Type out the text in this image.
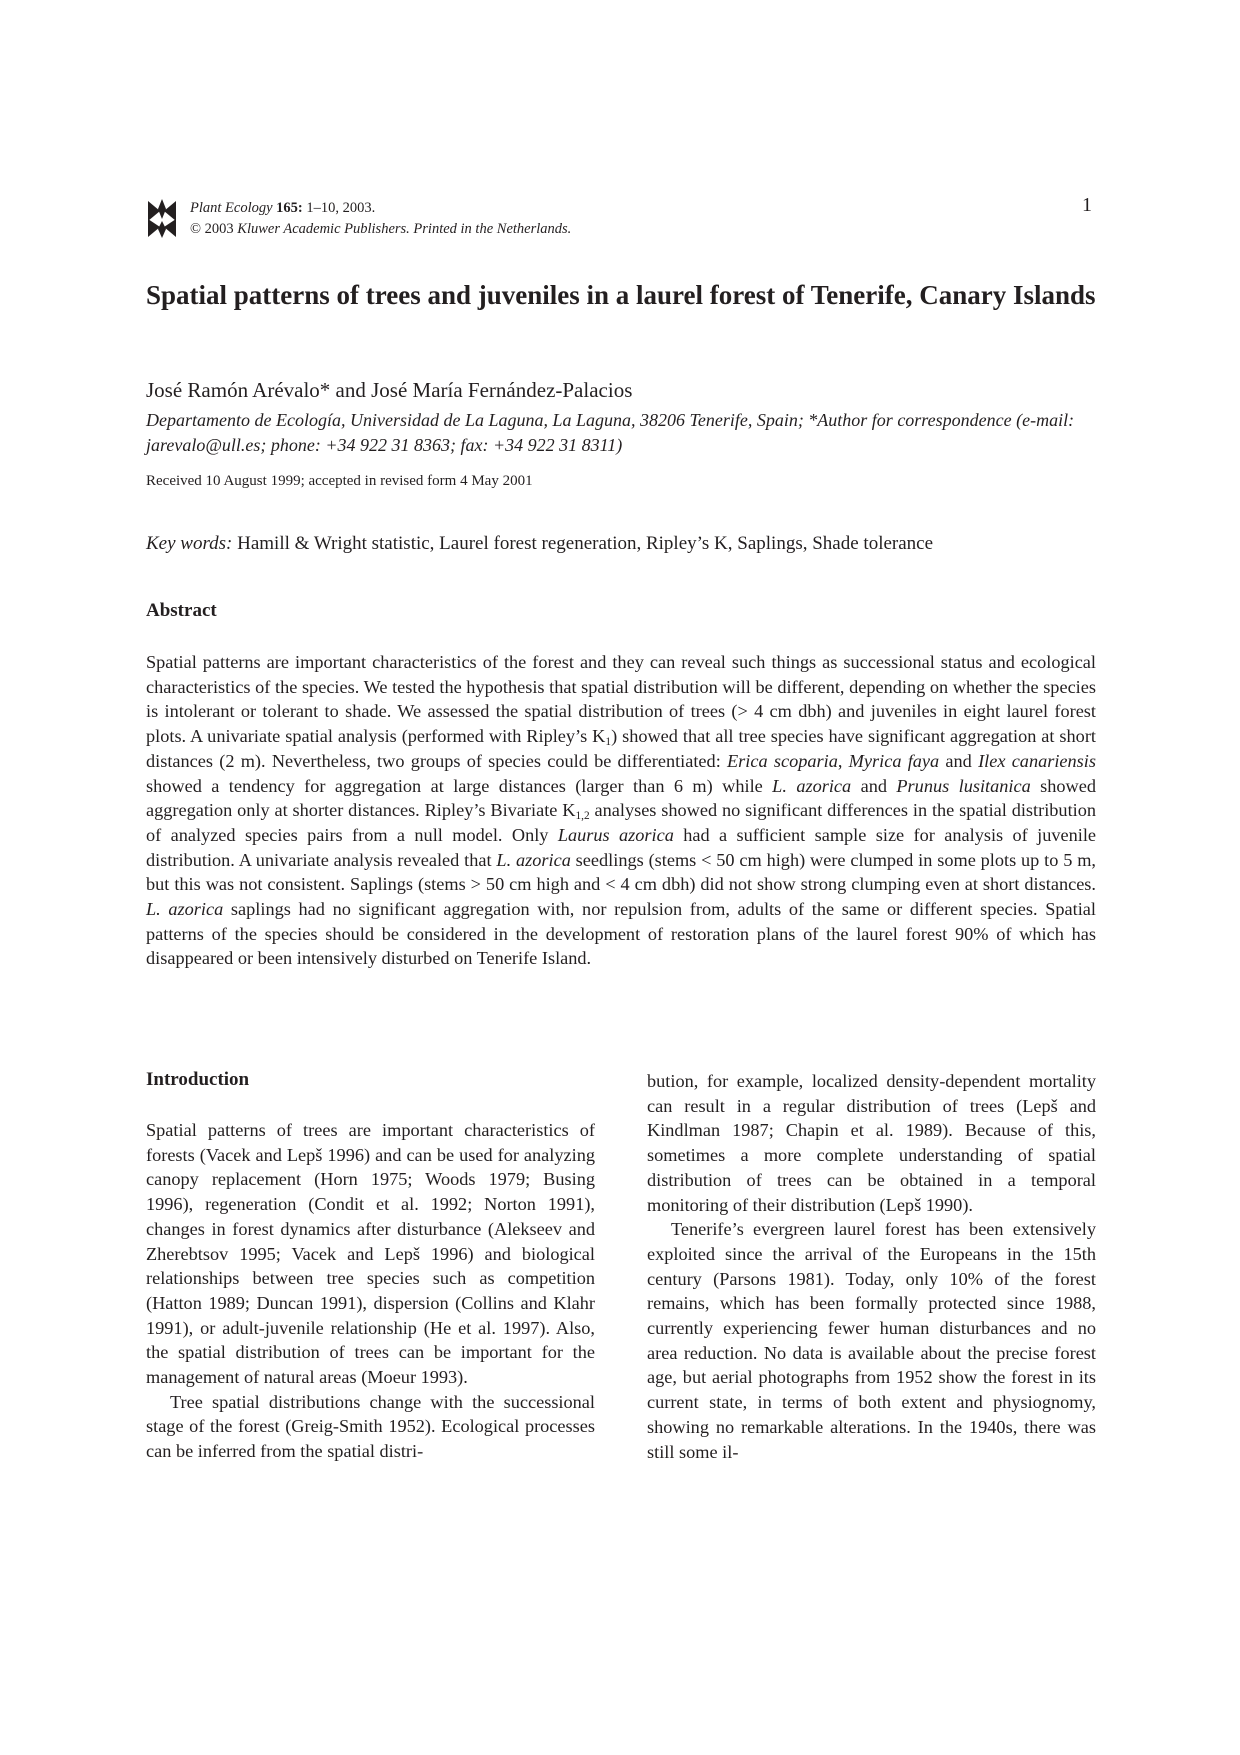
Plant Ecology 165: 1–10, 2003.
© 2003 Kluwer Academic Publishers. Printed in the Netherlands.
1
Spatial patterns of trees and juveniles in a laurel forest of Tenerife, Canary Islands
José Ramón Arévalo* and José María Fernández-Palacios
Departamento de Ecología, Universidad de La Laguna, La Laguna, 38206 Tenerife, Spain; *Author for correspondence (e-mail: jarevalo@ull.es; phone: +34 922 31 8363; fax: +34 922 31 8311)
Received 10 August 1999; accepted in revised form 4 May 2001
Key words: Hamill & Wright statistic, Laurel forest regeneration, Ripley’s K, Saplings, Shade tolerance
Abstract

Spatial patterns are important characteristics of the forest and they can reveal such things as successional status and ecological characteristics of the species. We tested the hypothesis that spatial distribution will be different, depending on whether the species is intolerant or tolerant to shade. We assessed the spatial distribution of trees (> 4 cm dbh) and juveniles in eight laurel forest plots. A univariate spatial analysis (performed with Ripley’s $K_1$) showed that all tree species have significant aggregation at short distances (2 m). Nevertheless, two groups of species could be differentiated: Erica scoparia, Myrica faya and Ilex canariensis showed a tendency for aggregation at large distances (larger than 6 m) while L. azorica and Prunus lusitanica showed aggregation only at shorter distances. Ripley’s Bivariate $K_{1,2}$ analyses showed no significant differences in the spatial distribution of analyzed species pairs from a null model. Only Laurus azorica had a sufficient sample size for analysis of juvenile distribution. A univariate analysis revealed that L. azorica seedlings (stems < 50 cm high) were clumped in some plots up to 5 m, but this was not consistent. Saplings (stems > 50 cm high and < 4 cm dbh) did not show strong clumping even at short distances. L. azorica saplings had no significant aggregation with, nor repulsion from, adults of the same or different species. Spatial patterns of the species should be considered in the development of restoration plans of the laurel forest 90% of which has disappeared or been intensively disturbed on Tenerife Island.

Introduction

Spatial patterns of trees are important characteristics of forests (Vacek and Lepš 1996) and can be used for analyzing canopy replacement (Horn 1975; Woods 1979; Busing 1996), regeneration (Condit et al. 1992; Norton 1991), changes in forest dynamics after disturbance (Alekseev and Zherebtsov 1995; Vacek and Lepš 1996) and biological relationships between tree species such as competition (Hatton 1989; Duncan 1991), dispersion (Collins and Klahr 1991), or adult-juvenile relationship (He et al. 1997). Also, the spatial distribution of trees can be important for the management of natural areas (Moeur 1993).

Tree spatial distributions change with the successional stage of the forest (Greig-Smith 1952). Ecological processes can be inferred from the spatial distri-

bution, for example, localized density-dependent mortality can result in a regular distribution of trees (Lepš and Kindlman 1987; Chapin et al. 1989). Because of this, sometimes a more complete understanding of spatial distribution of trees can be obtained in a temporal monitoring of their distribution (Lepš 1990).

Tenerife’s evergreen laurel forest has been extensively exploited since the arrival of the Europeans in the 15th century (Parsons 1981). Today, only 10% of the forest remains, which has been formally protected since 1988, currently experiencing fewer human disturbances and no area reduction. No data is available about the precise forest age, but aerial photographs from 1952 show the forest in its current state, in terms of both extent and physiognomy, showing no remarkable alterations. In the 1940s, there was still some il-
